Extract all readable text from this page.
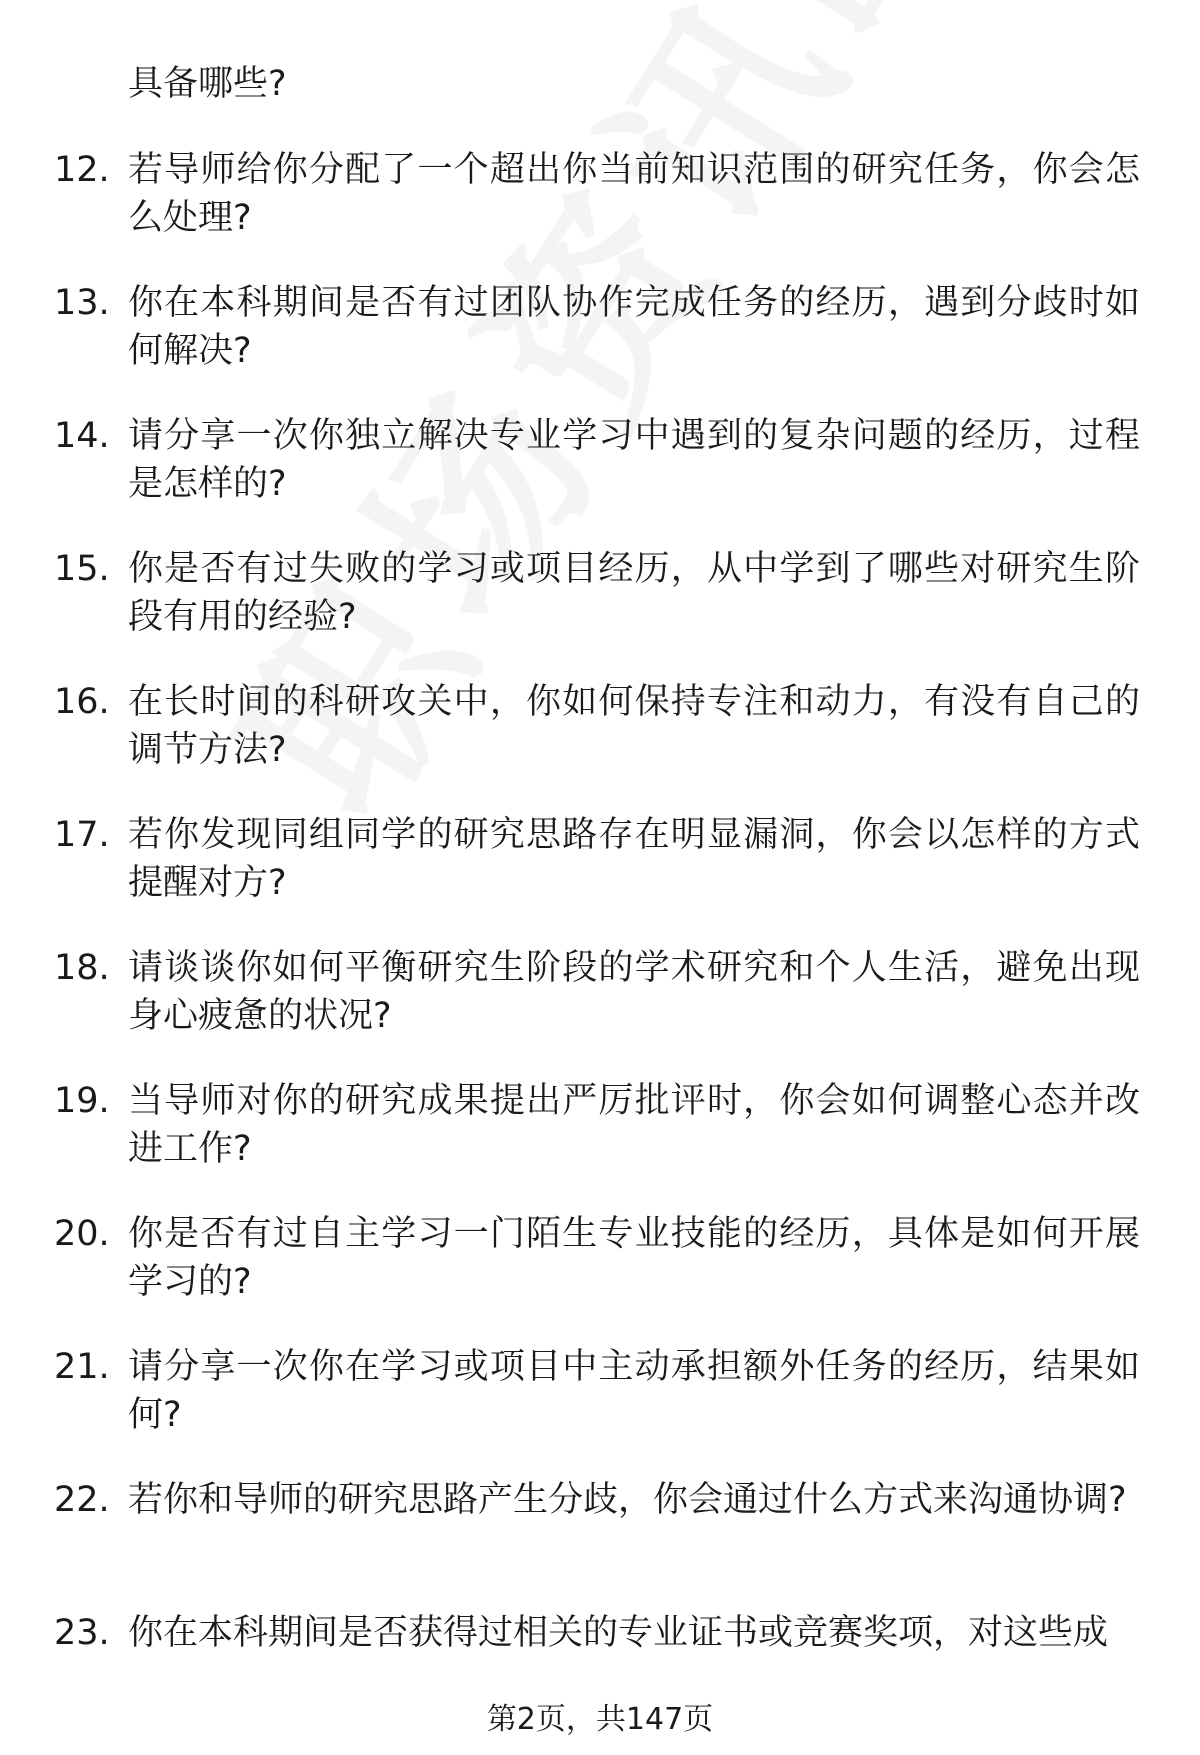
具备哪些?
12. 若导师给你分配了一个超出你当前知识范围的研究任务，你会怎么处理?
13. 你在本科期间是否有过团队协作完成任务的经历，遇到分歧时如何解决?
14. 请分享一次你独立解决专业学习中遇到的复杂问题的经历，过程是怎样的?
15. 你是否有过失败的学习或项目经历，从中学到了哪些对研究生阶段有用的经验?
16. 在长时间的科研攻关中，你如何保持专注和动力，有没有自己的调节方法?
17. 若你发现同组同学的研究思路存在明显漏洞，你会以怎样的方式提醒对方?
18. 请谈谈你如何平衡研究生阶段的学术研究和个人生活，避免出现身心疲惫的状况?
19. 当导师对你的研究成果提出严厉批评时，你会如何调整心态并改进工作?
20. 你是否有过自主学习一门陌生专业技能的经历，具体是如何开展学习的?
21. 请分享一次你在学习或项目中主动承担额外任务的经历，结果如何?
22. 若你和导师的研究思路产生分歧，你会通过什么方式来沟通协调?
23. 你在本科期间是否获得过相关的专业证书或竞赛奖项，对这些成
第2页，共147页
